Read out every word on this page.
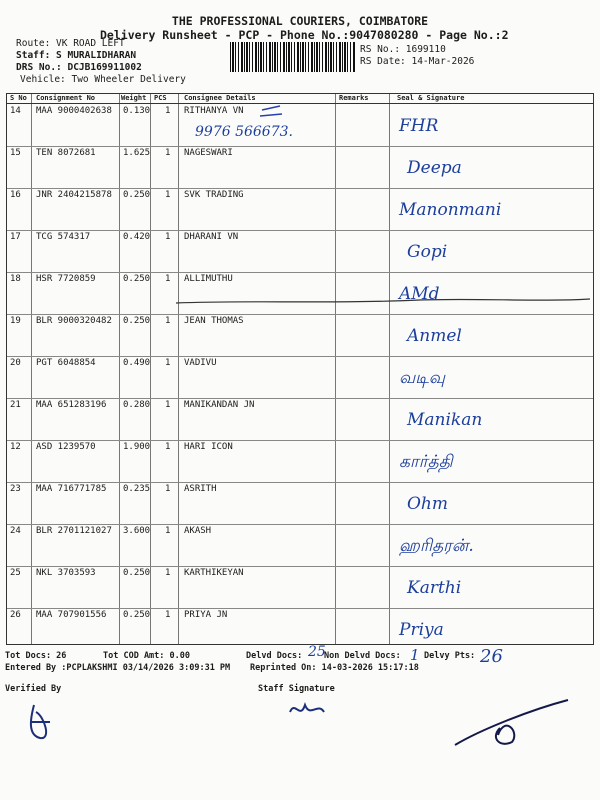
THE PROFESSIONAL COURIERS, COIMBATORE
Delivery Runsheet - PCP - Phone No.:9047080280 - Page No.:2
Route: VK ROAD LEFT
Staff: S MURALIDHARAN
DRS No.: DCJB169911002
Vehicle: Two Wheeler Delivery
RS No.: 1699110
RS Date: 14-Mar-2026
S No Consignment No	Weight PCS Consignee Details	Remarks	Seal & Signature
14 MAA 9000402638 0.130 1 RITHANYA VN
FHR
9976 566673.
15 TEN 8072681	1.625 1 NAGESWARI
Deepa
16 JNR 2404215878 0.250 1 SVK TRADING
Manonmani
17 TCG 574317	0.420 1 DHARANI VN
Gopi
18 HSR 7720859	0.250 1 ALLIMUTHU
AMd
19 BLR 9000320482 0.250 1 JEAN THOMAS
Anmel
20 PGT 6048854	0.490 1 VADIVU
வடிவு
21 MAA 651283196 0.280 1 MANIKANDAN JN
Manikan
12 ASD 1239570	1.900 1 HARI ICON
கார்த்தி
23 MAA 716771785 0.235 1 ASRITH
Ohm
24 BLR 2701121027 3.600 1 AKASH
ஹரிதரன்.
25 NKL 3703593	0.250 1 KARTHIKEYAN
Karthi
26 MAA 707901556 0.250 1 PRIYA JN
Priya
Tot Docs: 26	Tot COD Amt: 0.00	Delvd Docs: 25
Non Delvd Docs: 1 Delvy Pts: 26
Entered By :PCPLAKSHMI 03/14/2026 3:09:31 PM Reprinted On: 14-03-2026 15:17:18
Verified By	Staff Signature
